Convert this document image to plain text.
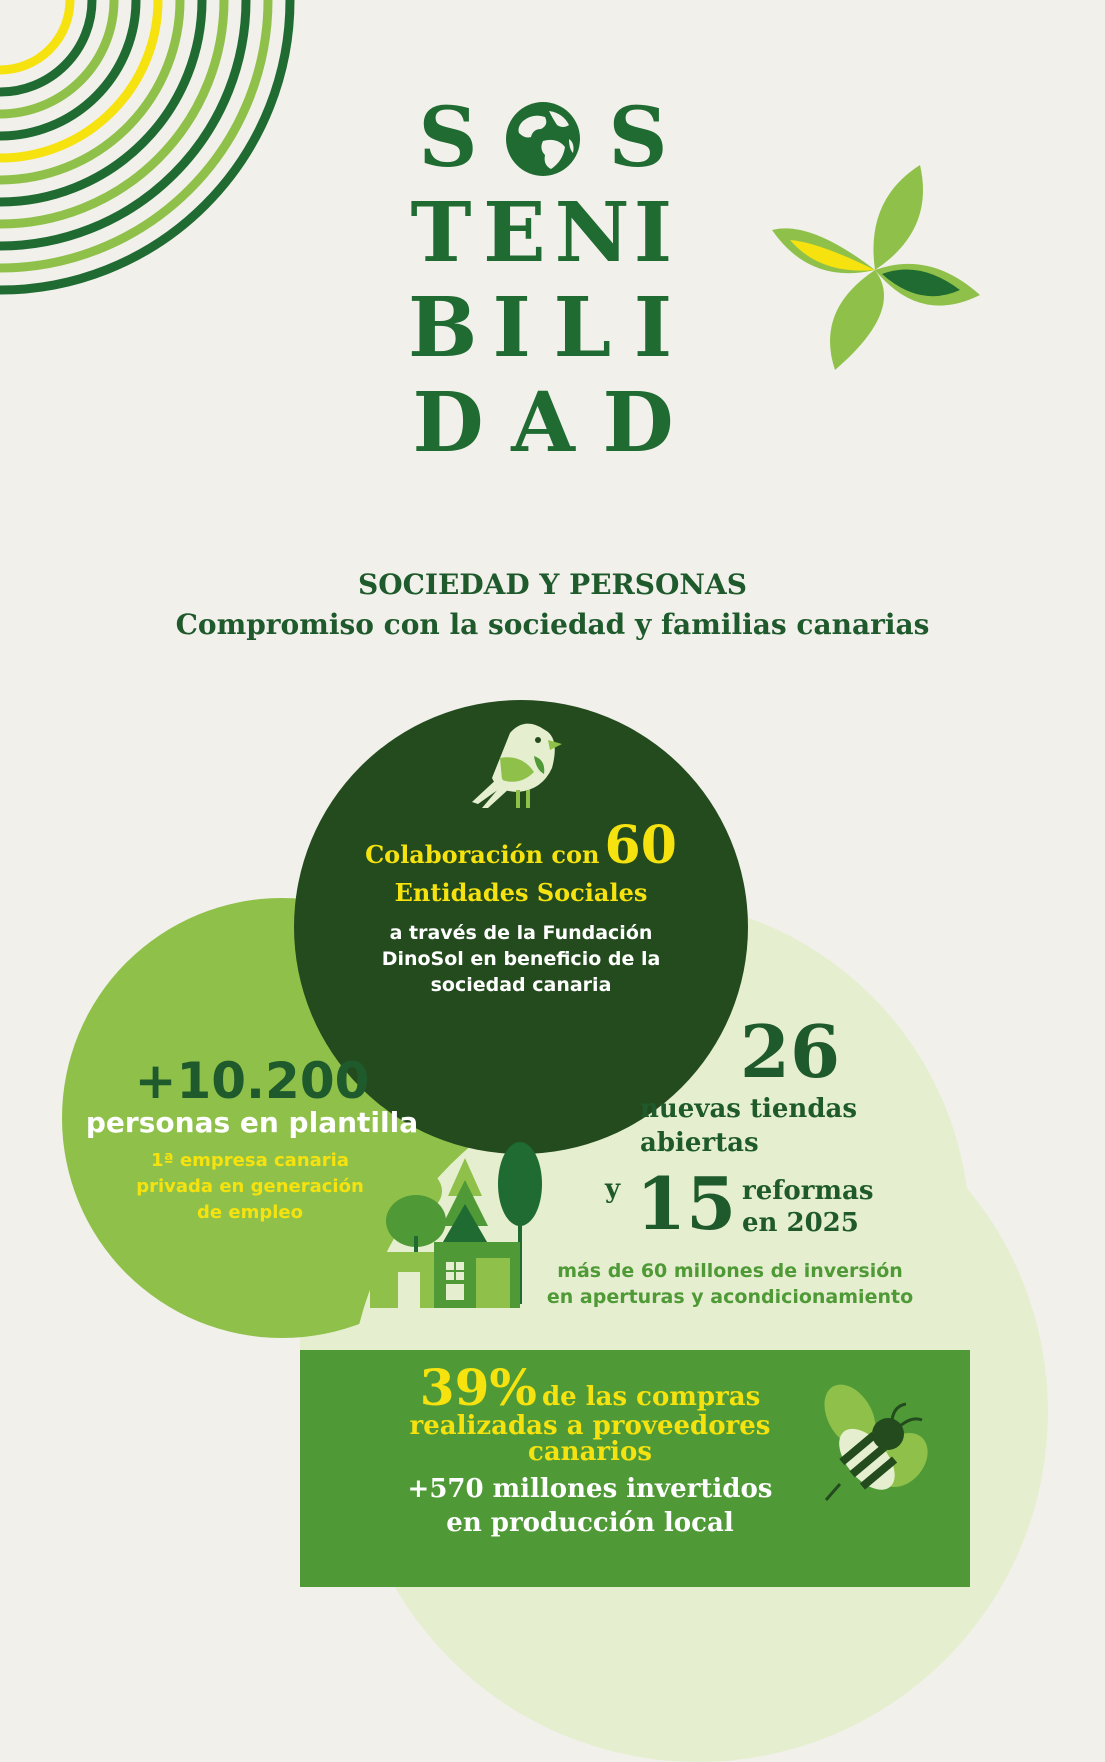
S S
T E N I
B I L I
D A D
SOCIEDAD Y PERSONAS
Compromiso con la sociedad y familias canarias
Colaboración con 60
Entidades Sociales
a través de la Fundación
DinoSol en beneficio de la
sociedad canaria
+10.200
personas en plantilla
1ª empresa canaria
privada en generación
de empleo
26
nuevas tiendas
abiertas
y 15 reformas
en 2025
más de 60 millones de inversión
en aperturas y acondicionamiento
39% de las compras
realizadas a proveedores
canarios
+570 millones invertidos
en producción local
